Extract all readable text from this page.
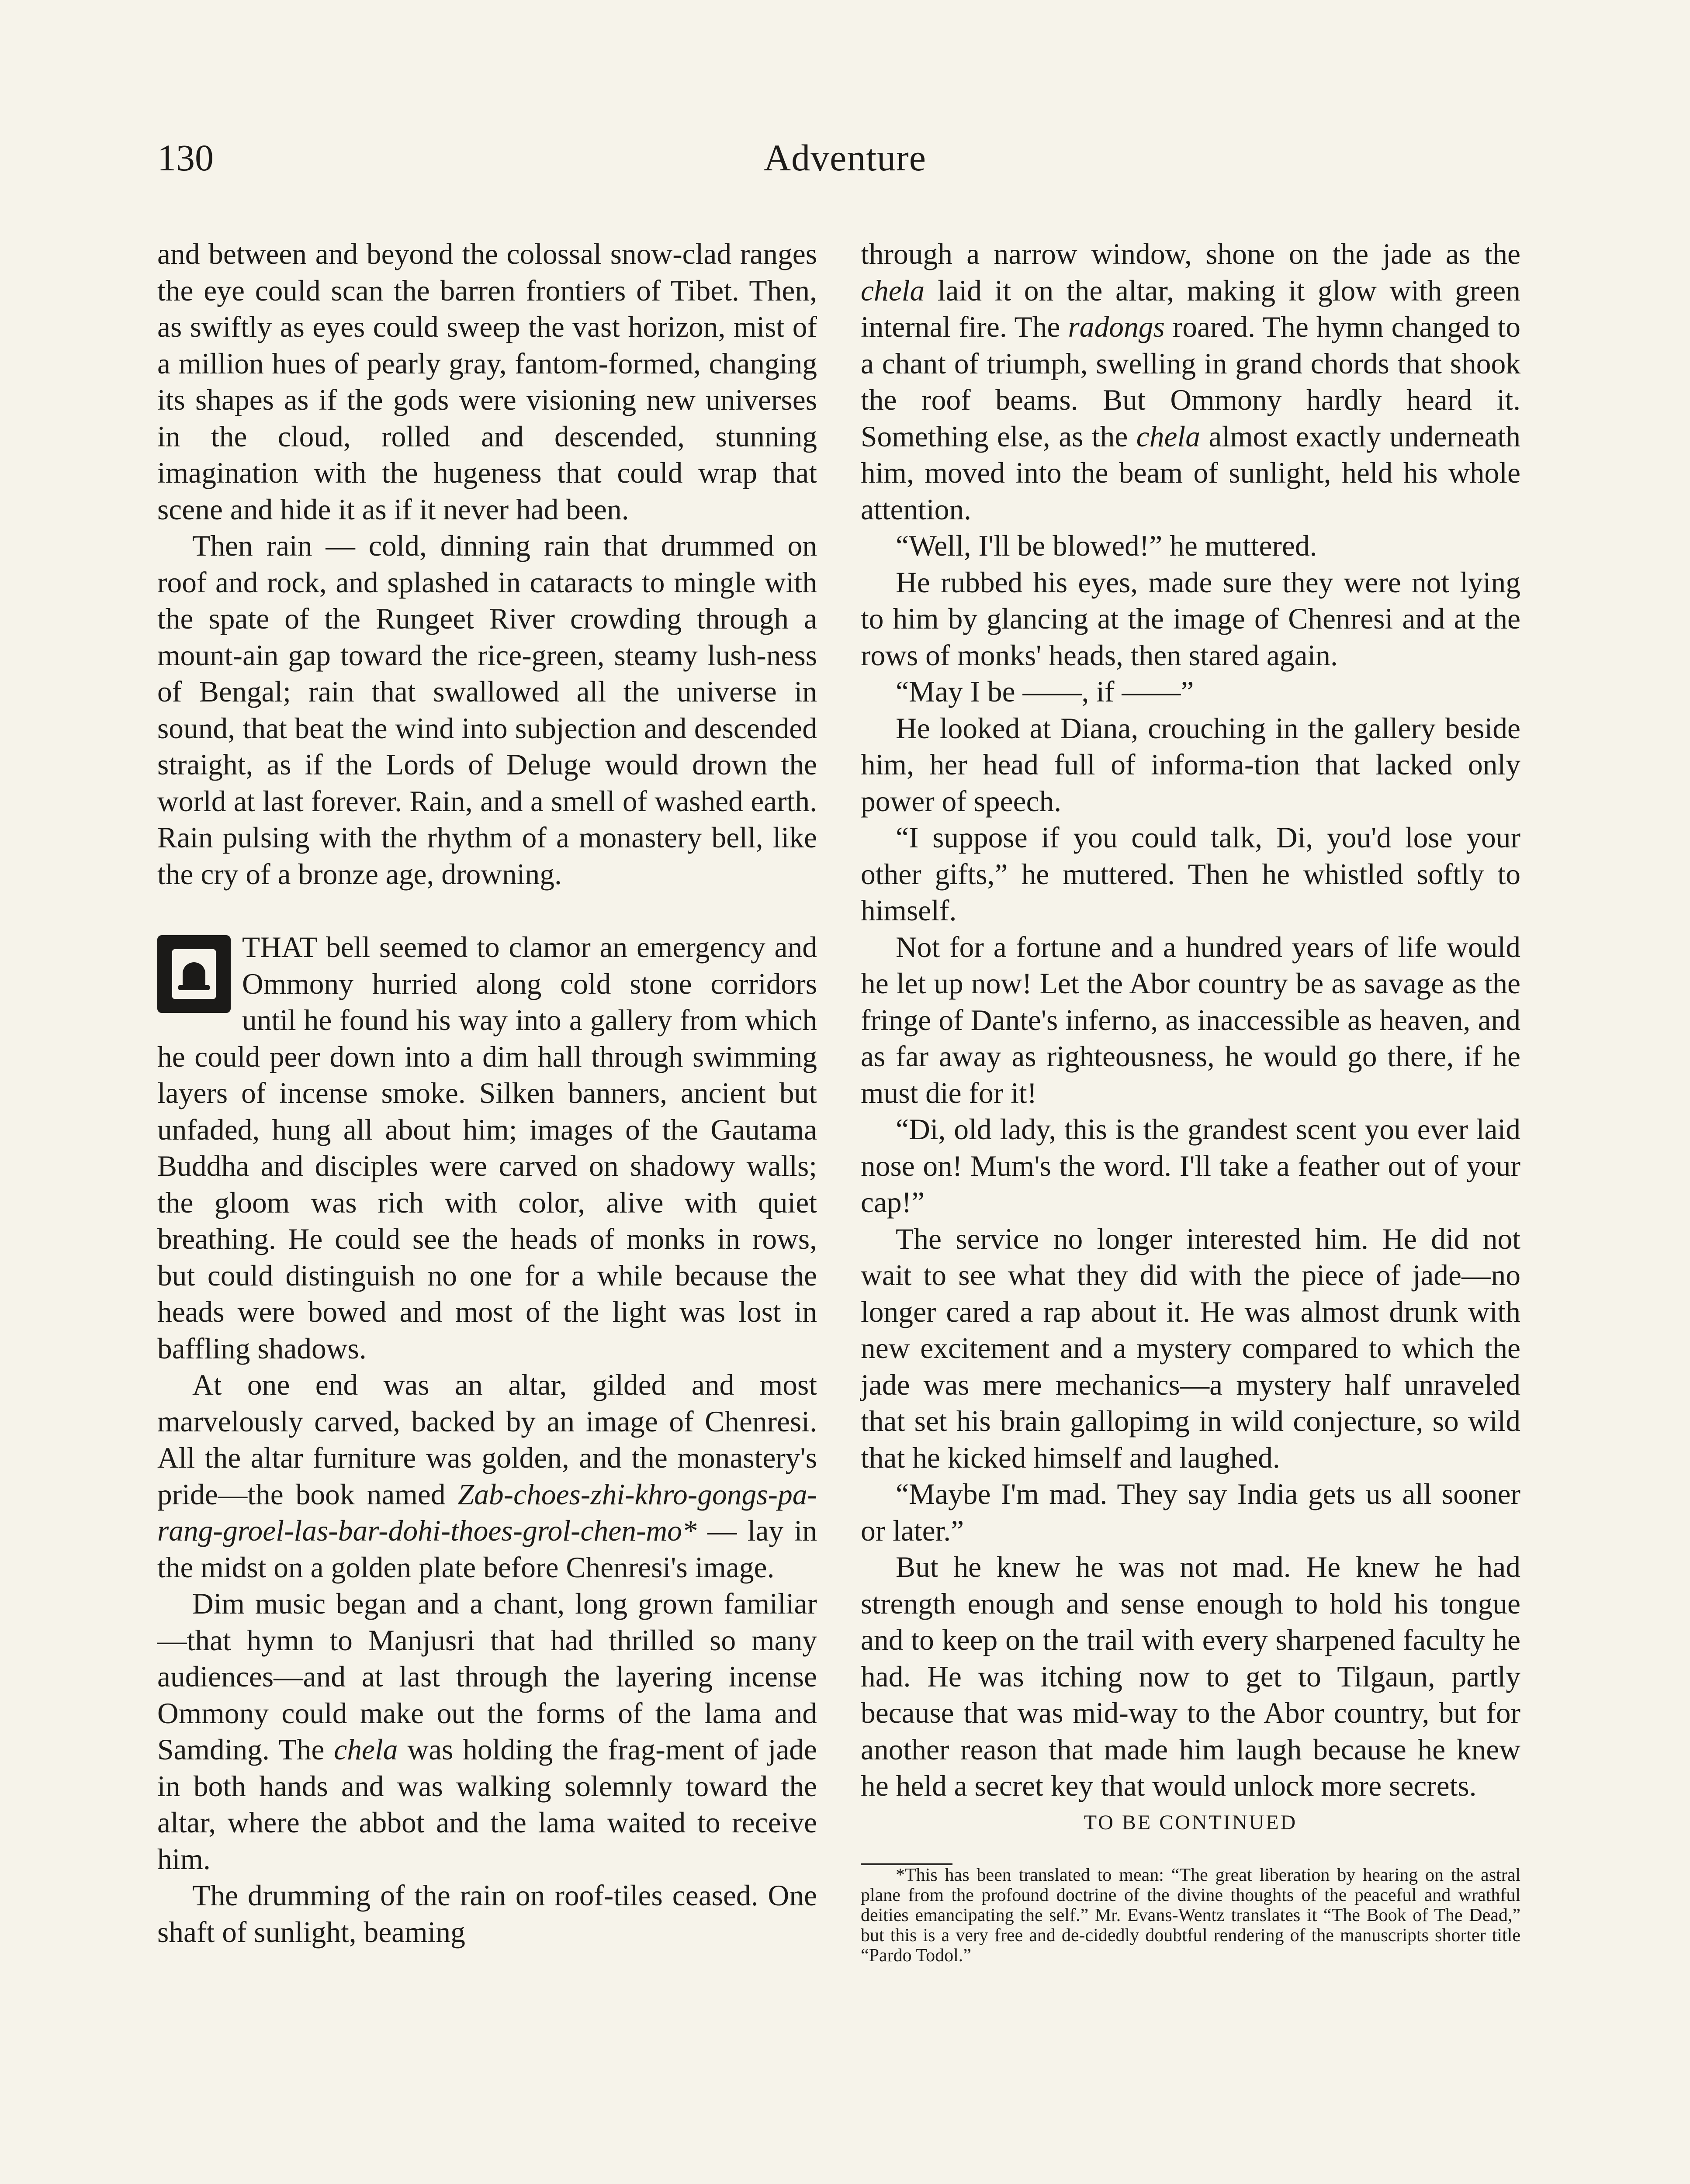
130	Adventure

and between and beyond the colossal snow-clad ranges the eye could scan the barren frontiers of Tibet. Then, as swiftly as eyes could sweep the vast horizon, mist of a million hues of pearly gray, fantom-formed, changing its shapes as if the gods were visioning new universes in the cloud, rolled and descended, stunning imagination with the hugeness that could wrap that scene and hide it as if it never had been.

Then rain — cold, dinning rain that drummed on roof and rock, and splashed in cataracts to mingle with the spate of the Rungeet River crowding through a mount-ain gap toward the rice-green, steamy lush-ness of Bengal; rain that swallowed all the universe in sound, that beat the wind into subjection and descended straight, as if the Lords of Deluge would drown the world at last forever. Rain, and a smell of washed earth. Rain pulsing with the rhythm of a monastery bell, like the cry of a bronze age, drowning.

THAT bell seemed to clamor an emergency and Ommony hurried along cold stone corridors until he found his way into a gallery from which he could peer down into a dim hall through swimming layers of incense smoke. Silken banners, ancient but unfaded, hung all about him; images of the Gautama Buddha and disciples were carved on shadowy walls; the gloom was rich with color, alive with quiet breathing. He could see the heads of monks in rows, but could distinguish no one for a while because the heads were bowed and most of the light was lost in baffling shadows.

At one end was an altar, gilded and most marvelously carved, backed by an image of Chenresi. All the altar furniture was golden, and the monastery's pride—the book named Zab-choes-zhi-khro-gongs-pa-rang-groel-las-bar-dohi-thoes-grol-chen-mo* — lay in the midst on a golden plate before Chenresi's image.

Dim music began and a chant, long grown familiar—that hymn to Manjusri that had thrilled so many audiences—and at last through the layering incense Ommony could make out the forms of the lama and Samding. The chela was holding the frag-ment of jade in both hands and was walking solemnly toward the altar, where the abbot and the lama waited to receive him.

The drumming of the rain on roof-tiles ceased. One shaft of sunlight, beaming

through a narrow window, shone on the jade as the chela laid it on the altar, making it glow with green internal fire. The radongs roared. The hymn changed to a chant of triumph, swelling in grand chords that shook the roof beams. But Ommony hardly heard it. Something else, as the chela almost exactly underneath him, moved into the beam of sunlight, held his whole attention.

“Well, I'll be blowed!” he muttered.

He rubbed his eyes, made sure they were not lying to him by glancing at the image of Chenresi and at the rows of monks' heads, then stared again.

“May I be ——, if ——”

He looked at Diana, crouching in the gallery beside him, her head full of informa-tion that lacked only power of speech.

“I suppose if you could talk, Di, you'd lose your other gifts,” he muttered. Then he whistled softly to himself.

Not for a fortune and a hundred years of life would he let up now! Let the Abor country be as savage as the fringe of Dante's inferno, as inaccessible as heaven, and as far away as righteousness, he would go there, if he must die for it!

“Di, old lady, this is the grandest scent you ever laid nose on! Mum's the word. I'll take a feather out of your cap!”

The service no longer interested him. He did not wait to see what they did with the piece of jade—no longer cared a rap about it. He was almost drunk with new excitement and a mystery compared to which the jade was mere mechanics—a mystery half unraveled that set his brain gallopimg in wild conjecture, so wild that he kicked himself and laughed.

“Maybe I'm mad. They say India gets us all sooner or later.”

But he knew he was not mad. He knew he had strength enough and sense enough to hold his tongue and to keep on the trail with every sharpened faculty he had. He was itching now to get to Tilgaun, partly because that was mid-way to the Abor country, but for another reason that made him laugh because he knew he held a secret key that would unlock more secrets.

TO BE CONTINUED

*This has been translated to mean: “The great liberation by hearing on the astral plane from the profound doctrine of the divine thoughts of the peaceful and wrathful deities emancipating the self.” Mr. Evans-Wentz translates it “The Book of The Dead,” but this is a very free and de-cidedly doubtful rendering of the manuscripts shorter title “Pardo Todol.”
